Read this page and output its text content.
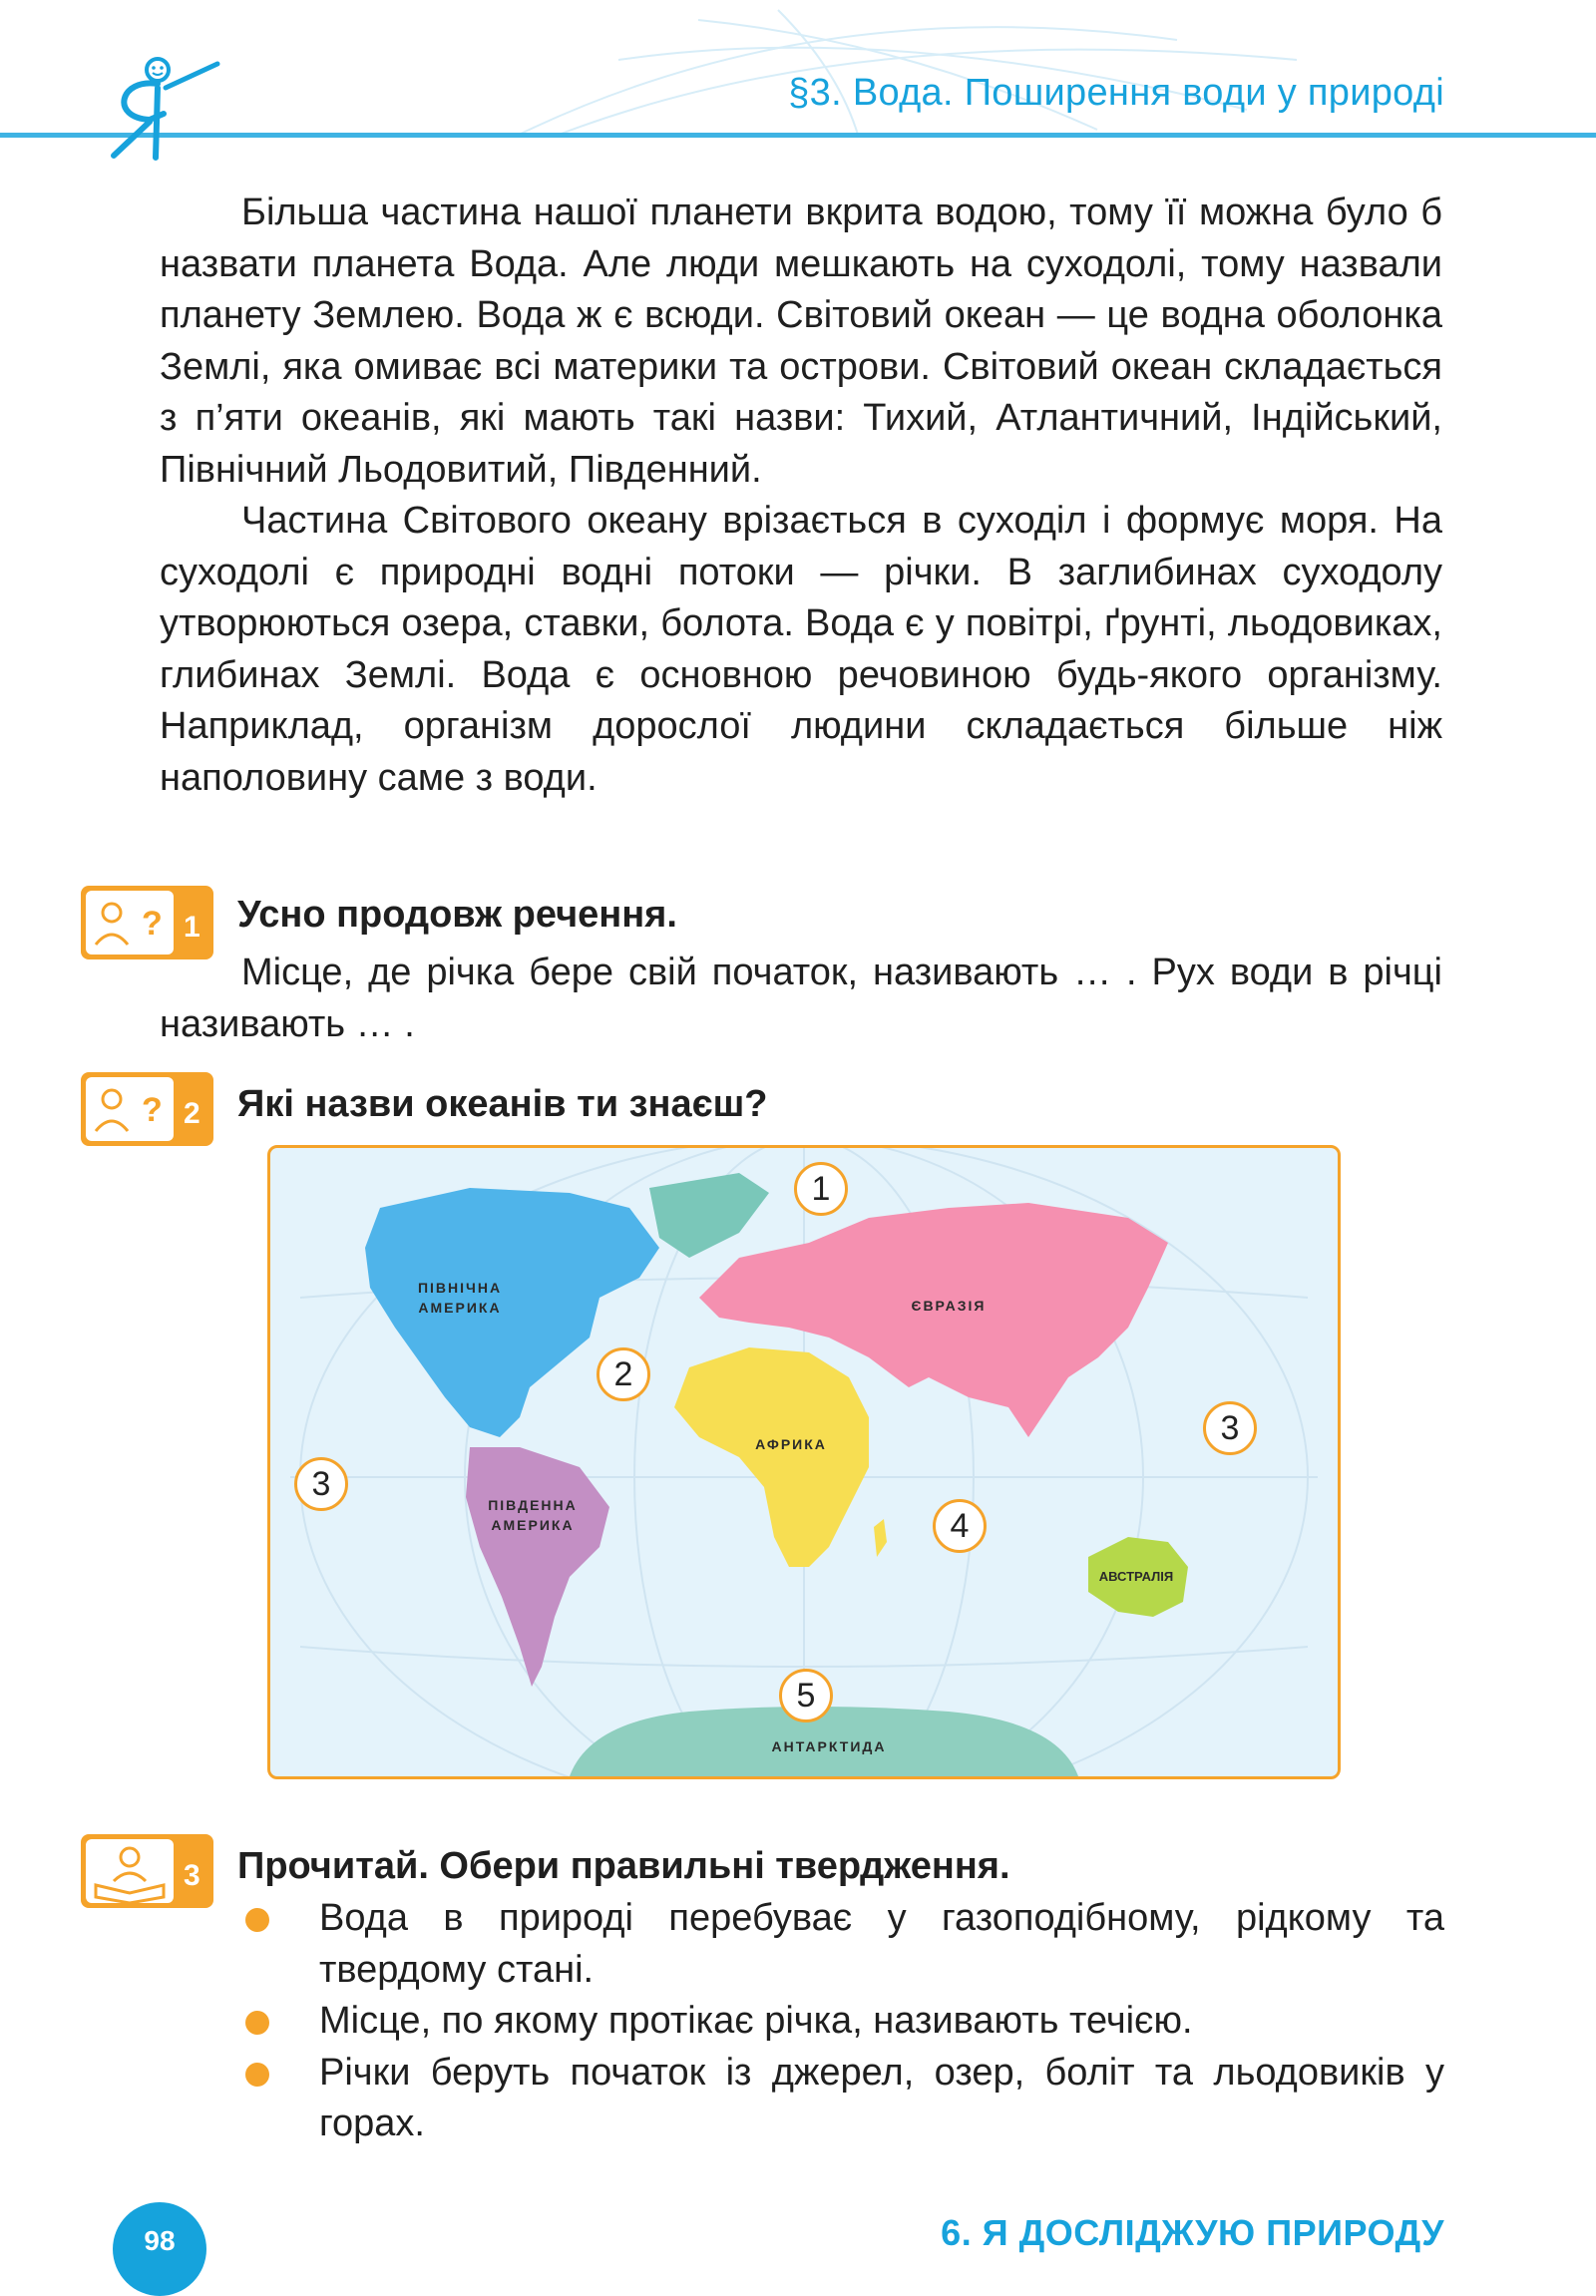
§3. Вода. Поширення води у природі

Більша частина нашої планети вкрита водою, тому її можна було б назвати планета Вода. Але люди мешкають на суходолі, тому назвали планету Землею. Вода ж є всюди. Світовий океан — це водна оболонка Землі, яка омиває всі материки та острови. Світовий океан складається з п’яти океанів, які мають такі назви: Тихий, Атлантичний, Індійський, Північний Льодовитий, Південний.

Частина Світового океану врізається в суходіл і формує моря. На суходолі є природні водні потоки — річки. В заглибинах суходолу утворюються озера, ставки, болота. Вода є у повітрі, ґрунті, льодовиках, глибинах Землі. Вода є основною речовиною будь-якого організму. Наприклад, організм дорослої людини складається більше ніж наполовину саме з води.

? 1 Усно продовж речення.
Місце, де річка бере свій початок, називають … . Рух води в річці називають … .
? 2 Які назви океанів ти знаєш?
ПІВНІЧНА АМЕРИКА
ПІВДЕННА АМЕРИКА
ЄВРАЗІЯ
АФРИКА
АВСТРАЛІЯ
АНТАРКТИДА
1
2
3
3
4
5
3 Прочитай. Обери правильні твердження.
Вода в природі перебуває у газоподібному, рідкому та твердому стані.
Місце, по якому протікає річка, називають течією.
Річки беруть початок із джерел, озер, боліт та льодовиків у горах.
98	6. Я ДОСЛІДЖУЮ ПРИРОДУ
